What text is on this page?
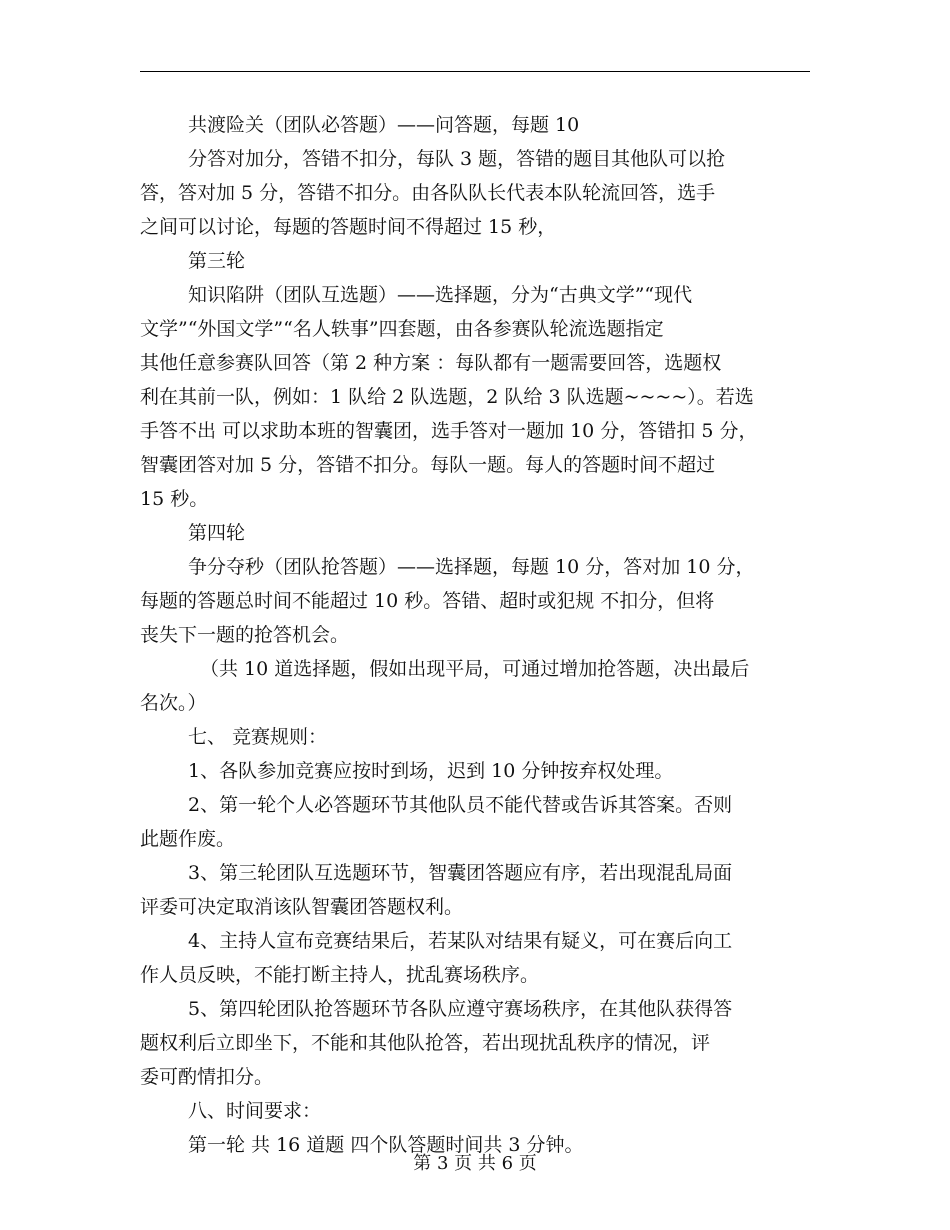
共渡险关（团队必答题）——问答题，每题 10
分答对加分，答错不扣分，每队 3 题，答错的题目其他队可以抢
答，答对加 5 分，答错不扣分。由各队队长代表本队轮流回答，选手
之间可以讨论，每题的答题时间不得超过 15 秒，
第三轮
知识陷阱（团队互选题）——选择题，分为“古典文学”“现代
文学”“外国文学”“名人轶事”四套题，由各参赛队轮流选题指定
其他任意参赛队回答（第 2 种方案 ：每队都有一题需要回答，选题权
利在其前一队，例如：1 队给 2 队选题，2 队给 3 队选题~~~~）。若选
手答不出 可以求助本班的智囊团，选手答对一题加 10 分，答错扣 5 分，
智囊团答对加 5 分，答错不扣分。每队一题。每人的答题时间不超过
15 秒。
第四轮
争分夺秒（团队抢答题）——选择题，每题 10 分，答对加 10 分，
每题的答题总时间不能超过 10 秒。答错、超时或犯规 不扣分，但将
丧失下一题的抢答机会。
（共 10 道选择题，假如出现平局，可通过增加抢答题，决出最后
名次。）
七、 竞赛规则：
1、各队参加竞赛应按时到场，迟到 10 分钟按弃权处理。
2、第一轮个人必答题环节其他队员不能代替或告诉其答案。否则
此题作废。
3、第三轮团队互选题环节，智囊团答题应有序，若出现混乱局面
评委可决定取消该队智囊团答题权利。
4、主持人宣布竞赛结果后，若某队对结果有疑义，可在赛后向工
作人员反映，不能打断主持人，扰乱赛场秩序。
5、第四轮团队抢答题环节各队应遵守赛场秩序，在其他队获得答
题权利后立即坐下，不能和其他队抢答，若出现扰乱秩序的情况，评
委可酌情扣分。
八、时间要求：
第一轮 共 16 道题 四个队答题时间共 3 分钟。
第 3 页 共 6 页
